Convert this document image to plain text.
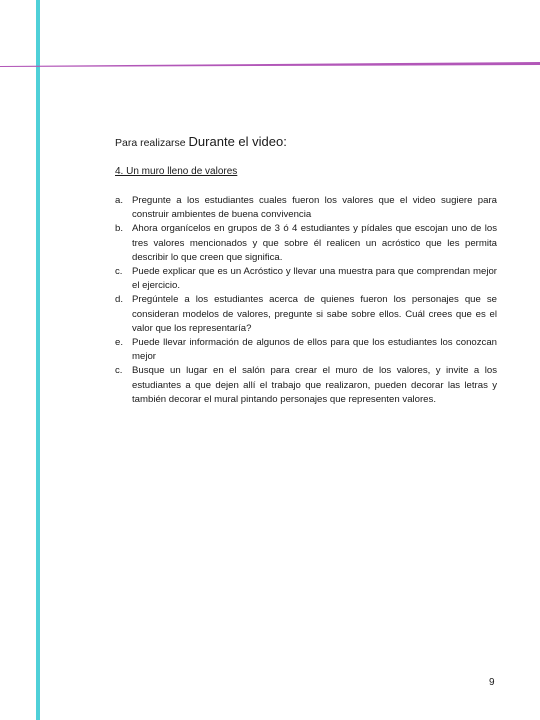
Para realizarse Durante el video:
4. Un muro lleno de valores
a. Pregunte a los estudiantes cuales fueron los valores que el video sugiere para construir ambientes de buena convivencia
b. Ahora organícelos en grupos de 3 ó 4 estudiantes y pídales que escojan uno de los tres valores mencionados y que sobre él realicen un acróstico que les permita describir lo que creen que significa.
c. Puede explicar que es un Acróstico y llevar una muestra para que comprendan mejor el ejercicio.
d. Pregúntele a los estudiantes acerca de quienes fueron los personajes que se consideran modelos de valores, pregunte si sabe sobre ellos. Cuál crees que es el valor que los representaría?
e. Puede llevar información de algunos de ellos para que los estudiantes los conozcan mejor
c. Busque un lugar en el salón para crear el muro de los valores, y invite a los estudiantes a que dejen allí el trabajo que realizaron, pueden decorar las letras y también decorar el mural pintando personajes que representen valores.
9
